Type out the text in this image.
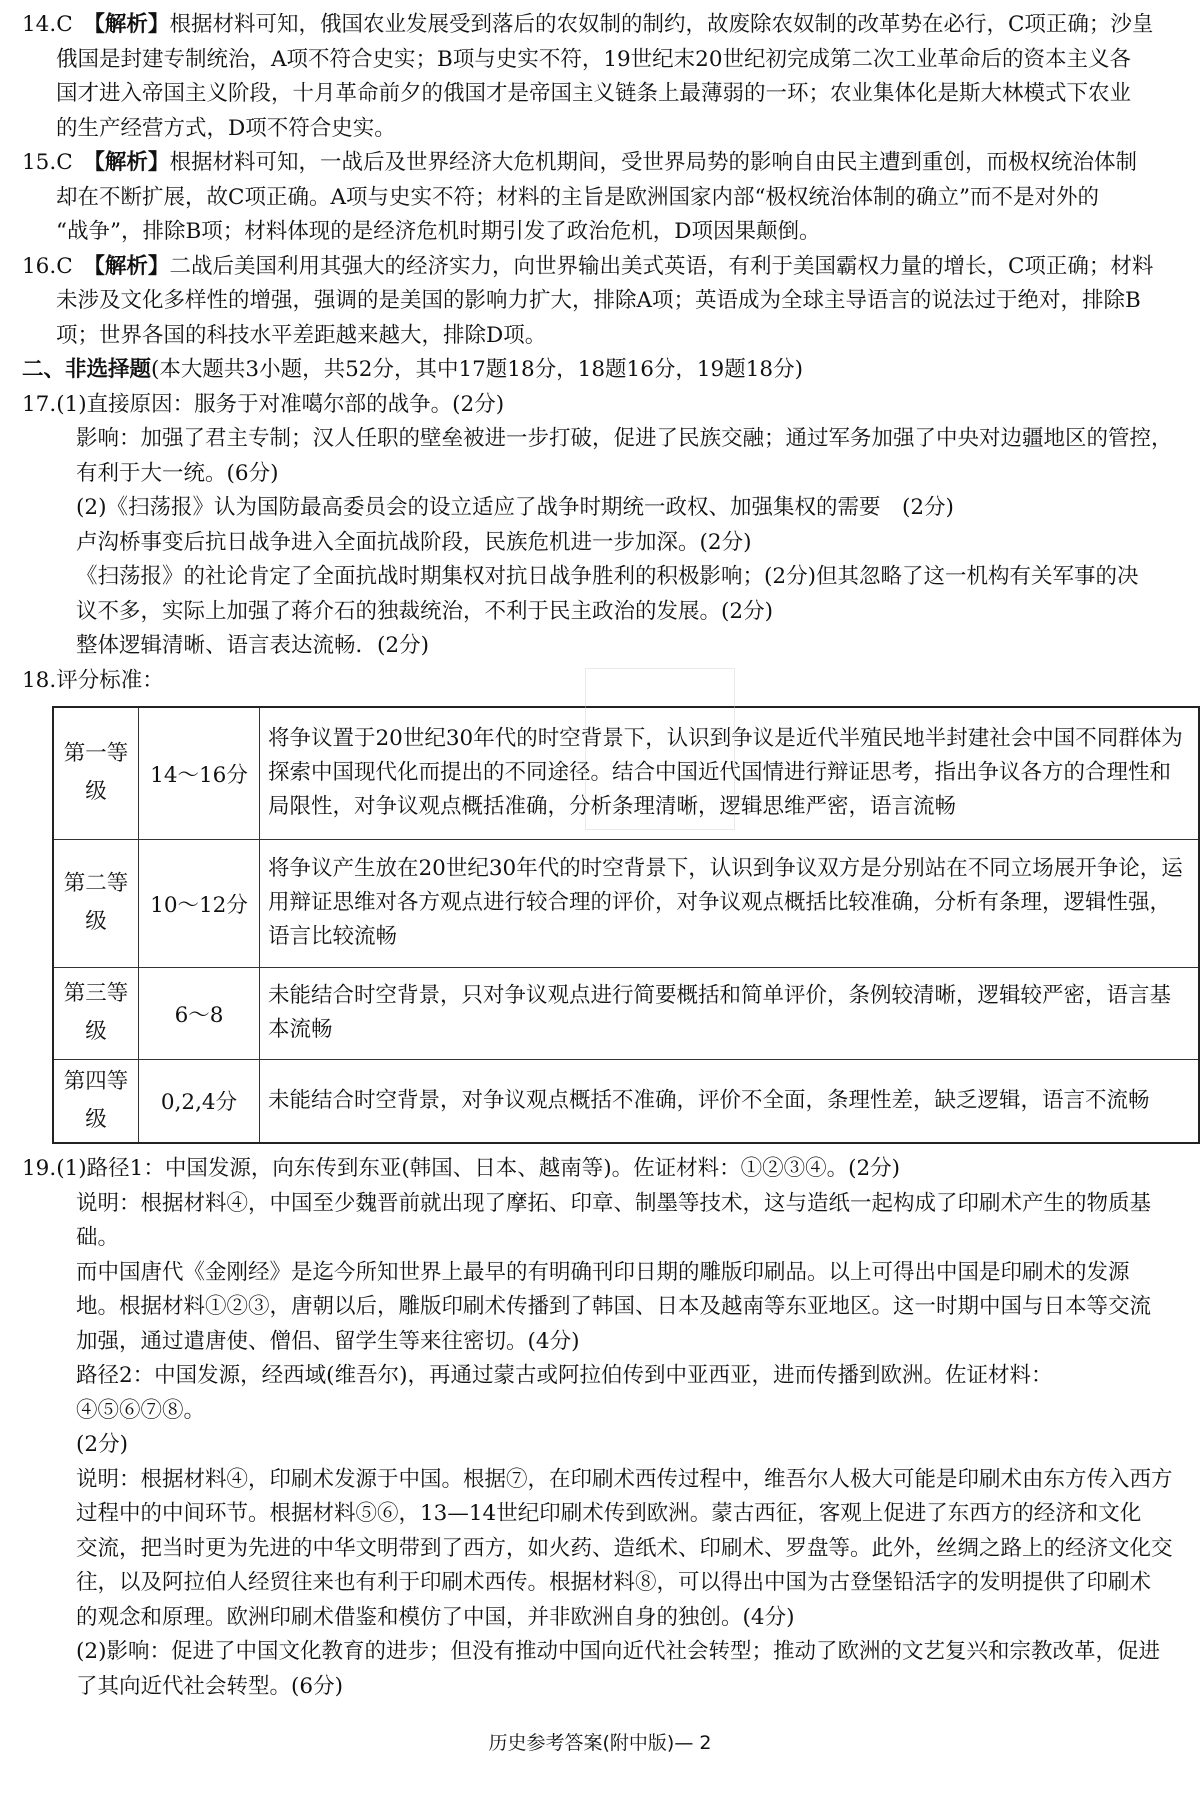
14.C　 【解析】根据材料可知，俄国农业发展受到落后的农奴制的制约，故废除农奴制的改革势在必行，C项正确；沙皇

俄国是封建专制统治，A项不符合史实；B项与史实不符，19世纪末20世纪初完成第二次工业革命后的资本主义各

国才进入帝国主义阶段，十月革命前夕的俄国才是帝国主义链条上最薄弱的一环；农业集体化是斯大林模式下农业

的生产经营方式，D项不符合史实。

15.C　 【解析】根据材料可知，一战后及世界经济大危机期间，受世界局势的影响自由民主遭到重创，而极权统治体制

却在不断扩展，故C项正确。A项与史实不符；材料的主旨是欧洲国家内部“极权统治体制的确立”而不是对外的

“战争”，排除B项；材料体现的是经济危机时期引发了政治危机，D项因果颠倒。

16.C　 【解析】二战后美国利用其强大的经济实力，向世界输出美式英语，有利于美国霸权力量的增长，C项正确；材料

未涉及文化多样性的增强，强调的是美国的影响力扩大，排除A项；英语成为全球主导语言的说法过于绝对，排除B

项；世界各国的科技水平差距越来越大，排除D项。

二、非选择题(本大题共3小题，共52分，其中17题18分，18题16分，19题18分)

17.(1)直接原因：服务于对准噶尔部的战争。(2分)

影响：加强了君主专制；汉人任职的壁垒被进一步打破，促进了民族交融；通过军务加强了中央对边疆地区的管控，

有利于大一统。(6分)

(2)《扫荡报》认为国防最高委员会的设立适应了战争时期统一政权、加强集权的需要　(2分)

卢沟桥事变后抗日战争进入全面抗战阶段，民族危机进一步加深。(2分)

《扫荡报》的社论肯定了全面抗战时期集权对抗日战争胜利的积极影响；(2分)但其忽略了这一机构有关军事的决

议不多，实际上加强了蒋介石的独裁统治，不利于民主政治的发展。(2分)

整体逻辑清晰、语言表达流畅．(2分)

18.评分标准：

第一等级	14～16分	将争议置于20世纪30年代的时空背景下，认识到争议是近代半殖民地半封建社会中国不同群体为探索中国现代化而提出的不同途径。结合中国近代国情进行辩证思考，指出争议各方的合理性和局限性，对争议观点概括准确，分析条理清晰，逻辑思维严密，语言流畅
第二等级	10～12分	将争议产生放在20世纪30年代的时空背景下，认识到争议双方是分别站在不同立场展开争论，运用辩证思维对各方观点进行较合理的评价，对争议观点概括比较准确，分析有条理，逻辑性强，语言比较流畅
第三等级	6～8	未能结合时空背景，只对争议观点进行简要概括和简单评价，条例较清晰，逻辑较严密，语言基本流畅
第四等级	0,2,4分	未能结合时空背景，对争议观点概括不准确，评价不全面，条理性差，缺乏逻辑，语言不流畅

19.(1)路径1：中国发源，向东传到东亚(韩国、日本、越南等)。佐证材料：①②③④。(2分)

说明：根据材料④，中国至少魏晋前就出现了摩拓、印章、制墨等技术，这与造纸一起构成了印刷术产生的物质基础。

而中国唐代《金刚经》是迄今所知世界上最早的有明确刊印日期的雕版印刷品。以上可得出中国是印刷术的发源

地。根据材料①②③，唐朝以后，雕版印刷术传播到了韩国、日本及越南等东亚地区。这一时期中国与日本等交流

加强，通过遣唐使、僧侣、留学生等来往密切。(4分)

路径2：中国发源，经西域(维吾尔)，再通过蒙古或阿拉伯传到中亚西亚，进而传播到欧洲。佐证材料：④⑤⑥⑦⑧。

(2分)

说明：根据材料④，印刷术发源于中国。根据⑦，在印刷术西传过程中，维吾尔人极大可能是印刷术由东方传入西方

过程中的中间环节。根据材料⑤⑥，13—14世纪印刷术传到欧洲。蒙古西征，客观上促进了东西方的经济和文化

交流，把当时更为先进的中华文明带到了西方，如火药、造纸术、印刷术、罗盘等。此外，丝绸之路上的经济文化交

往，以及阿拉伯人经贸往来也有利于印刷术西传。根据材料⑧，可以得出中国为古登堡铅活字的发明提供了印刷术

的观念和原理。欧洲印刷术借鉴和模仿了中国，并非欧洲自身的独创。(4分)

(2)影响：促进了中国文化教育的进步；但没有推动中国向近代社会转型；推动了欧洲的文艺复兴和宗教改革，促进

了其向近代社会转型。(6分)

历史参考答案(附中版)— 2
